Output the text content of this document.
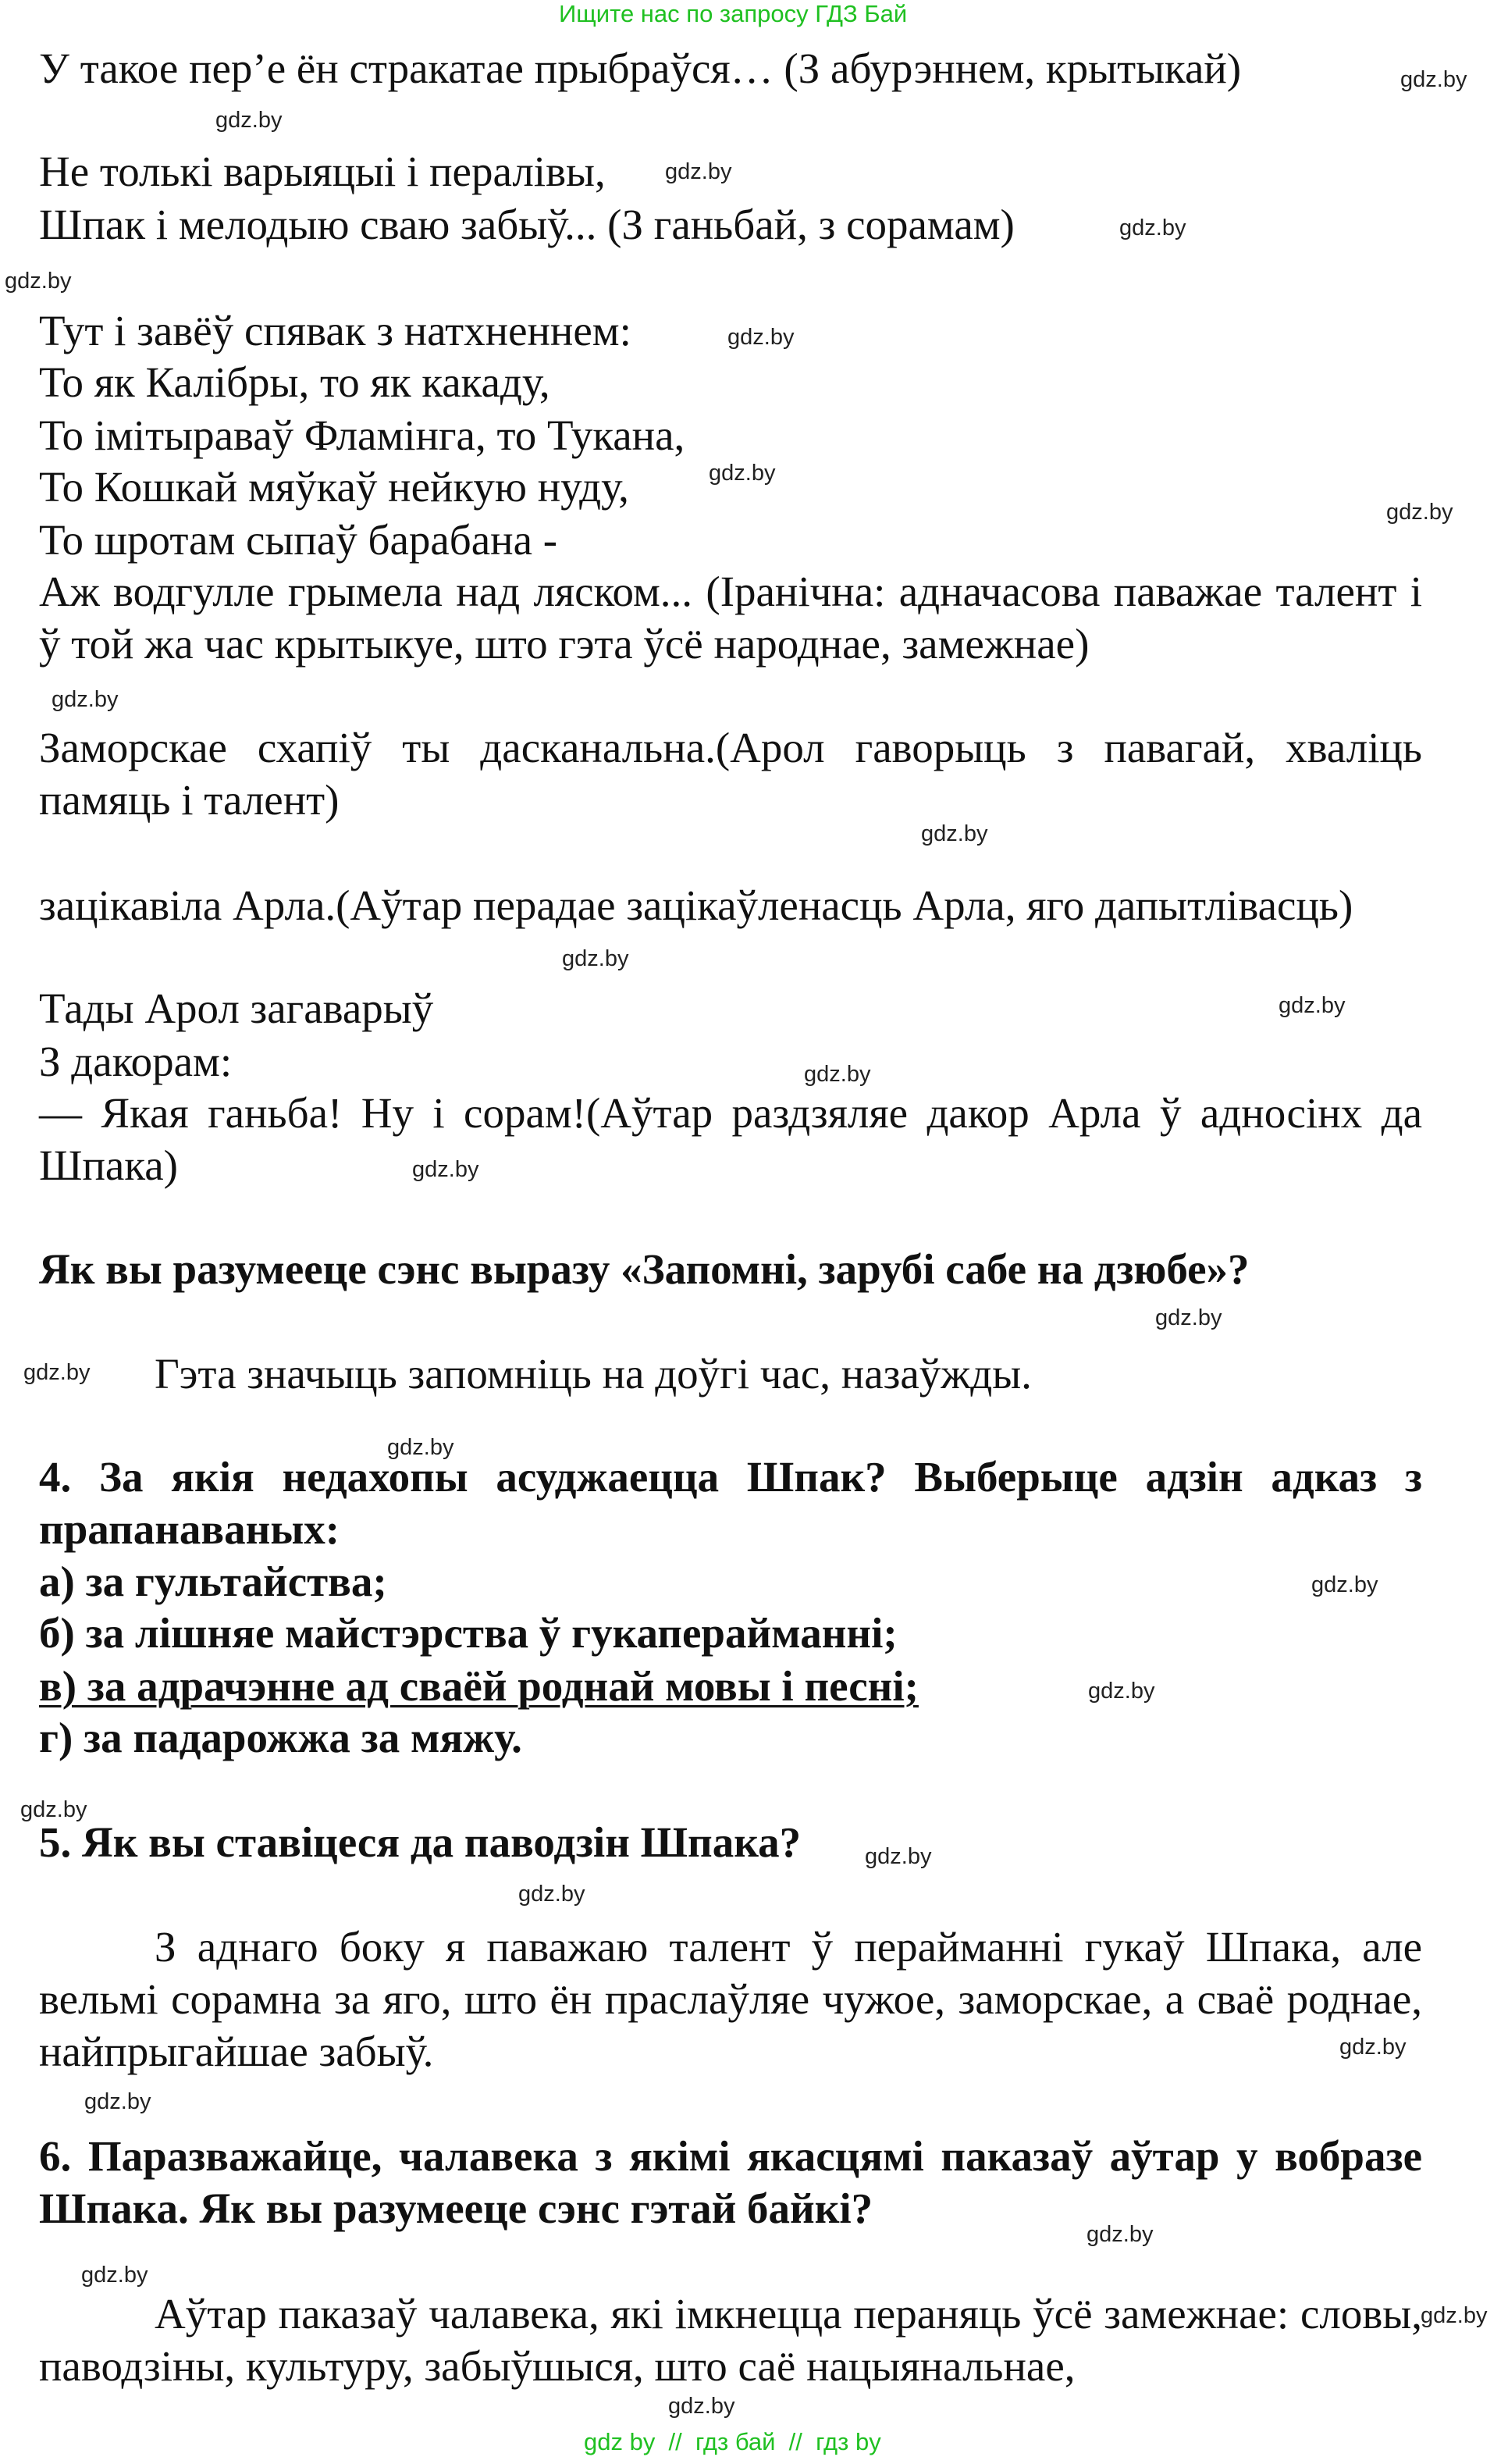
Ищите нас по запросу ГДЗ Бай

У такое пер’е ён стракатае прыбраўся… (З абурэннем, крытыкай)

Не толькі варыяцыі і пералівы,

Шпак і мелодыю сваю забыў... (З ганьбай, з сорамам)

Тут і завёў спявак з натхненнем:

То як Калібры, то як какаду,

То імітыраваў Фламінга, то Тукана,

То Кошкай мяўкаў нейкую нуду,

То шротам сыпаў барабана -

Аж водгулле грымела над ляском... (Іранічна: адначасова паважае талент і ў той жа час крытыкуе, што гэта ўсё народнае, замежнае)

Заморскае схапіў ты дасканальна.(Арол гаворыць з павагай, хваліць памяць і талент)

зацікавіла Арла.(Аўтар перадае зацікаўленасць Арла, яго дапытлівасць)

Тады Арол загаварыў

З дакорам:

— Якая ганьба! Ну і сорам!(Аўтар раздзяляе дакор Арла ў адносінх да Шпака)

Як вы разумееце сэнс выразу «Запомні, зарубі сабе на дзюбе»?

Гэта значыць запомніць на доўгі час, назаўжды.

4. За якія недахопы асуджаецца Шпак? Выберыце адзін адказ з прапанаваных:

а) за гультайства;

б) за лішняе майстэрства ў гукаперайманні;

в) за адрачэнне ад сваёй роднай мовы і песні;

г) за падарожжа за мяжу.

5. Як вы ставіцеся да паводзін Шпака?

З аднаго боку я паважаю талент ў перайманні гукаў Шпака, але вельмі сорамна за яго, што ён праслаўляе чужое, заморскае, а сваё роднае, найпрыгайшае забыў.

6. Паразважайце, чалавека з якімі якасцямі паказаў аўтар у вобразе Шпака. Як вы разумееце сэнс гэтай байкі?

Аўтар паказаў чалавека, які імкнецца пераняць ўсё замежнае: словы, паводзіны, культуру, забыўшыся, што саё нацыянальнае,

gdz.by
gdz.by
gdz.by
gdz.by
gdz.by
gdz.by
gdz.by
gdz.by
gdz.by
gdz.by
gdz.by
gdz.by
gdz.by
gdz.by
gdz.by
gdz.by
gdz.by
gdz.by
gdz.by
gdz.by
gdz.by
gdz.by
gdz.by
gdz.by
gdz.by
gdz.by
gdz.by
gdz.by
gdz by  //  гдз бай  //  гдз by
